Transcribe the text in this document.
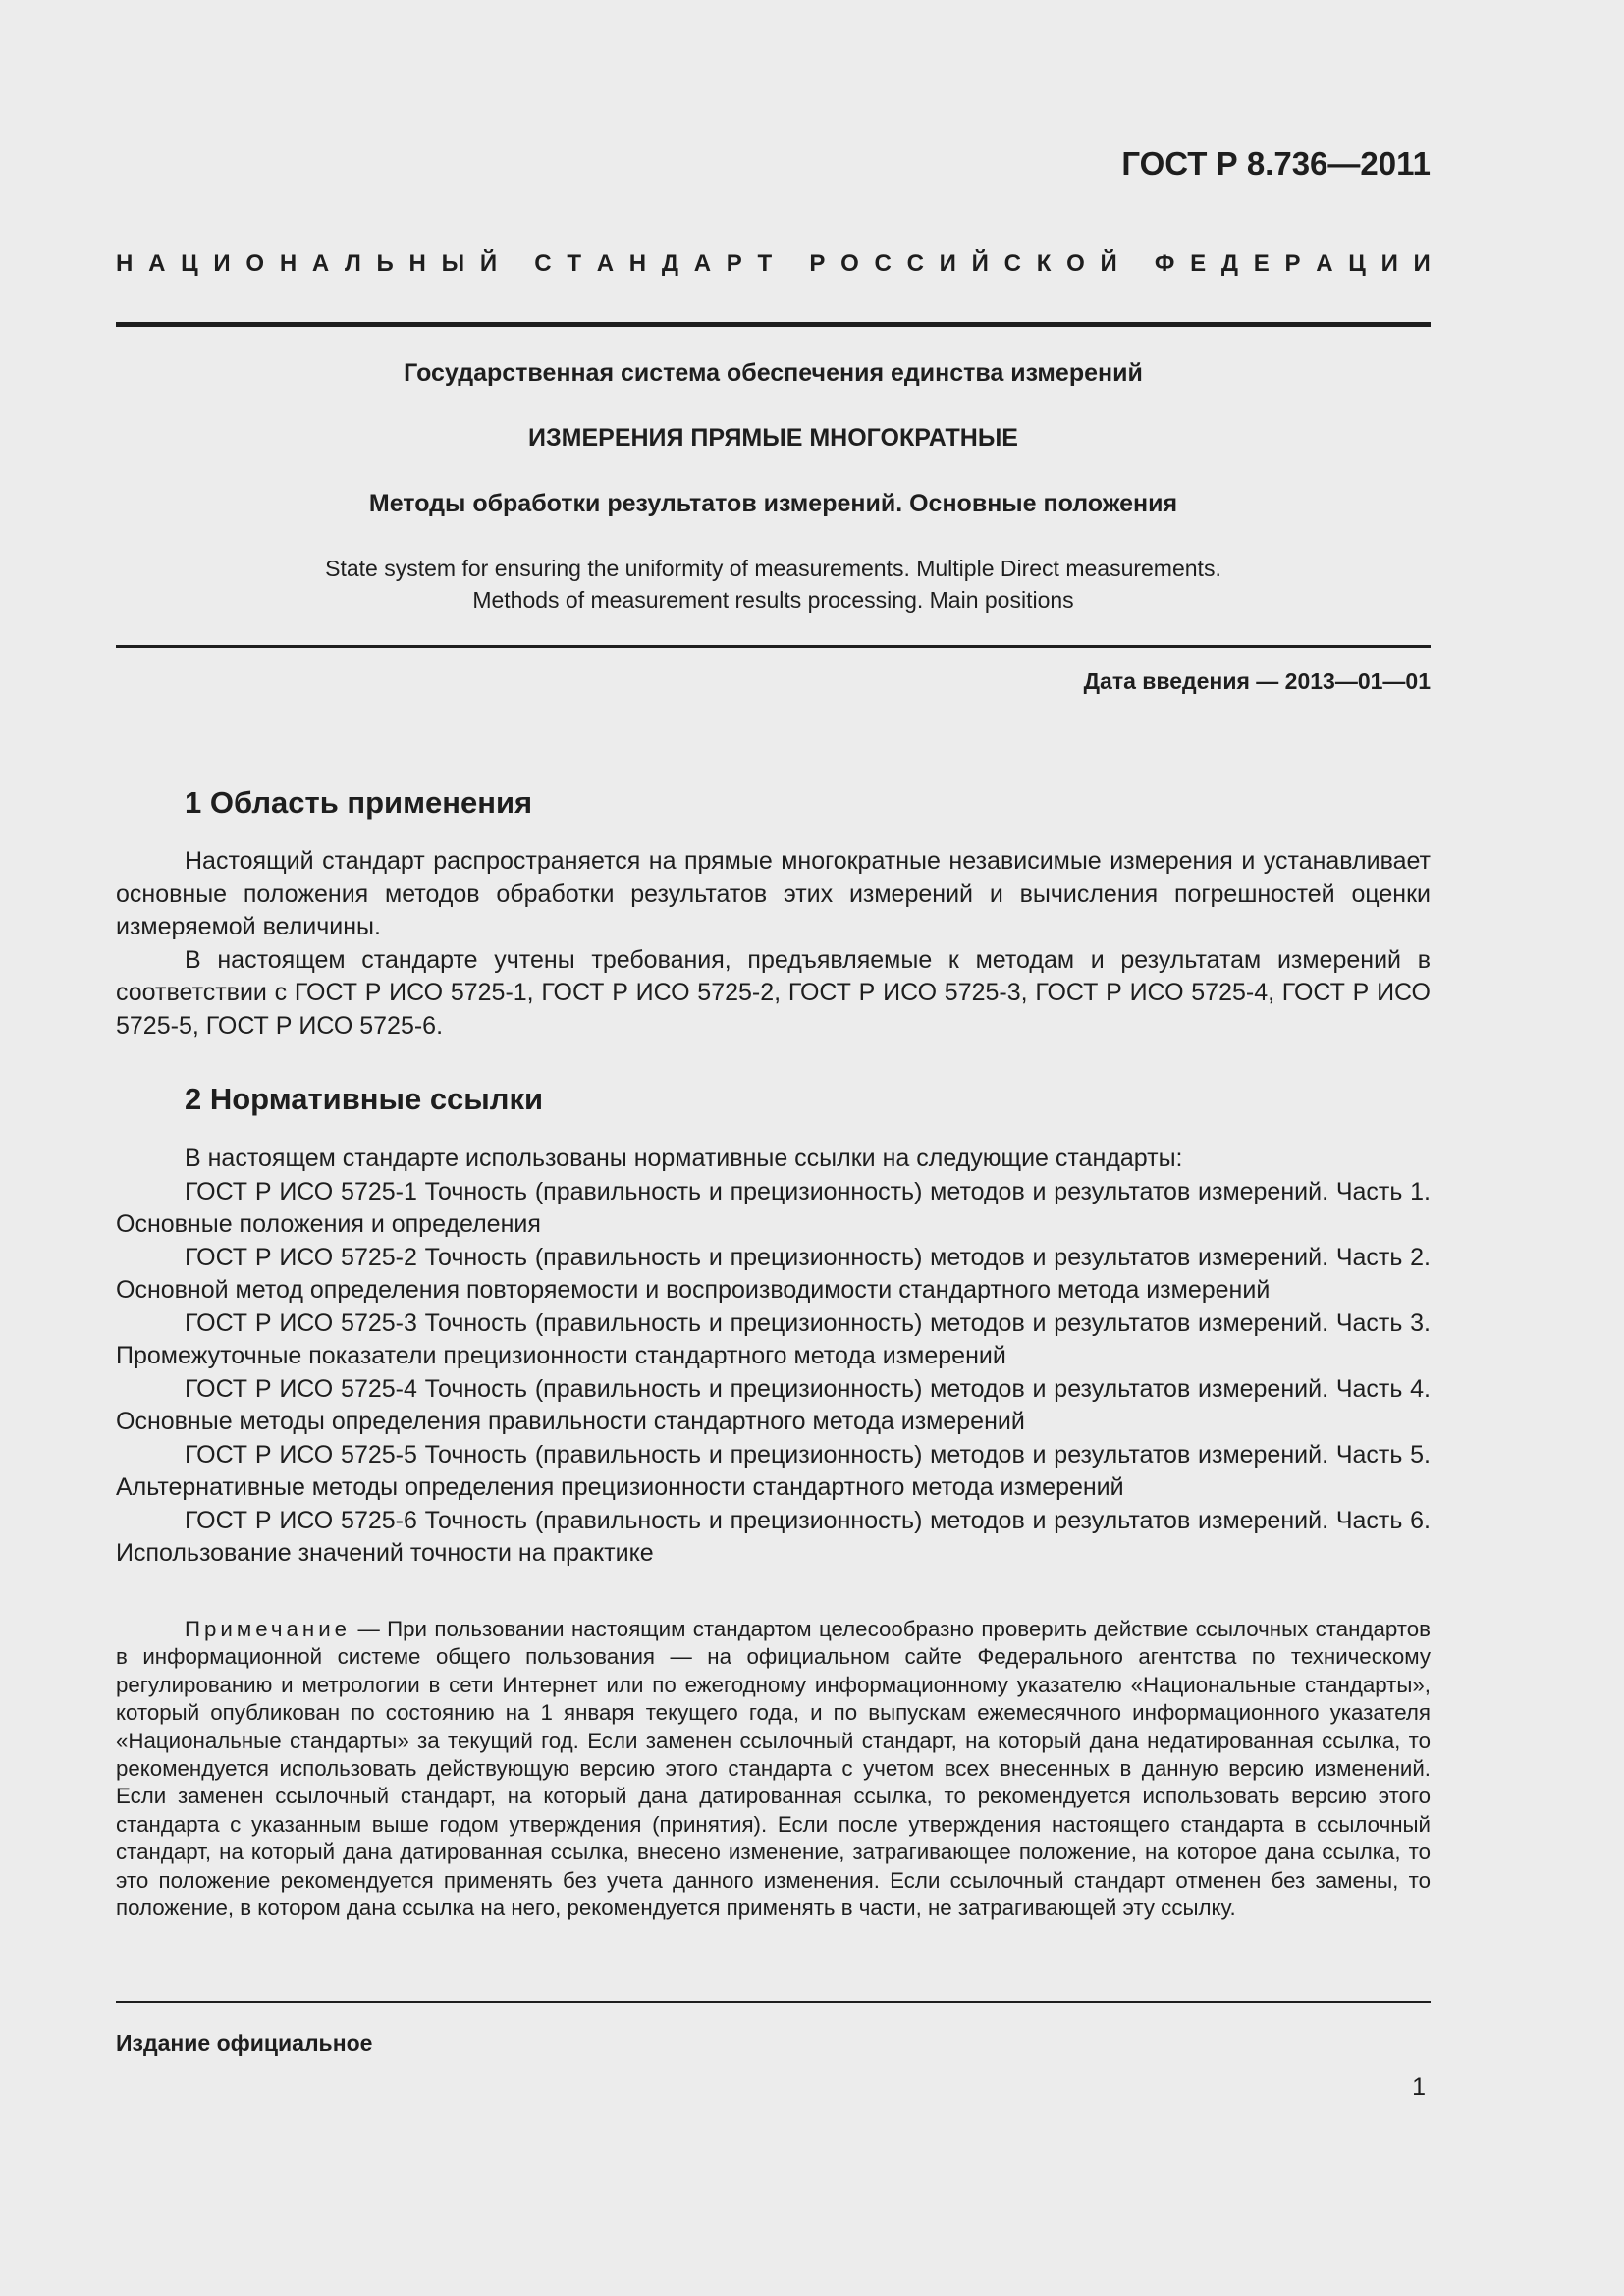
ГОСТ Р 8.736—2011
Н А Ц И О Н А Л Ь Н Ы Й
С Т А Н Д А Р Т
Р О С С И Й С К О Й
Ф Е Д Е Р А Ц И И
Государственная система обеспечения единства измерений
ИЗМЕРЕНИЯ ПРЯМЫЕ МНОГОКРАТНЫЕ
Методы обработки результатов измерений. Основные положения
State system for ensuring the uniformity of measurements. Multiple Direct measurements.
Methods of measurement results processing. Main positions
Дата введения — 2013—01—01
1 Область применения

Настоящий стандарт распространяется на прямые многократные независимые измерения и устанавливает основные положения методов обработки результатов этих измерений и вычисления погрешностей оценки измеряемой величины.

В настоящем стандарте учтены требования, предъявляемые к методам и результатам измерений в соответствии с ГОСТ Р ИСО 5725-1, ГОСТ Р ИСО 5725-2, ГОСТ Р ИСО 5725-3, ГОСТ Р ИСО 5725-4, ГОСТ Р ИСО 5725-5, ГОСТ Р ИСО 5725-6.

2 Нормативные ссылки

В настоящем стандарте использованы нормативные ссылки на следующие стандарты:

ГОСТ Р ИСО 5725-1 Точность (правильность и прецизионность) методов и результатов измерений. Часть 1. Основные положения и определения

ГОСТ Р ИСО 5725-2 Точность (правильность и прецизионность) методов и результатов измерений. Часть 2. Основной метод определения повторяемости и воспроизводимости стандартного метода измерений

ГОСТ Р ИСО 5725-3 Точность (правильность и прецизионность) методов и результатов измерений. Часть 3. Промежуточные показатели прецизионности стандартного метода измерений

ГОСТ Р ИСО 5725-4 Точность (правильность и прецизионность) методов и результатов измерений. Часть 4. Основные методы определения правильности стандартного метода измерений

ГОСТ Р ИСО 5725-5 Точность (правильность и прецизионность) методов и результатов измерений. Часть 5. Альтернативные методы определения прецизионности стандартного метода измерений

ГОСТ Р ИСО 5725-6 Точность (правильность и прецизионность) методов и результатов измерений. Часть 6. Использование значений точности на практике

Примечание — При пользовании настоящим стандартом целесообразно проверить действие ссылочных стандартов в информационной системе общего пользования — на официальном сайте Федерального агентства по техническому регулированию и метрологии в сети Интернет или по ежегодному информационному указателю «Национальные стандарты», который опубликован по состоянию на 1 января текущего года, и по выпускам ежемесячного информационного указателя «Национальные стандарты» за текущий год. Если заменен ссылочный стандарт, на который дана недатированная ссылка, то рекомендуется использовать действующую версию этого стандарта с учетом всех внесенных в данную версию изменений. Если заменен ссылочный стандарт, на который дана датированная ссылка, то рекомендуется использовать версию этого стандарта с указанным выше годом утверждения (принятия). Если после утверждения настоящего стандарта в ссылочный стандарт, на который дана датированная ссылка, внесено изменение, затрагивающее положение, на которое дана ссылка, то это положение рекомендуется применять без учета данного изменения. Если ссылочный стандарт отменен без замены, то положение, в котором дана ссылка на него, рекомендуется применять в части, не затрагивающей эту ссылку.

Издание официальное
1
